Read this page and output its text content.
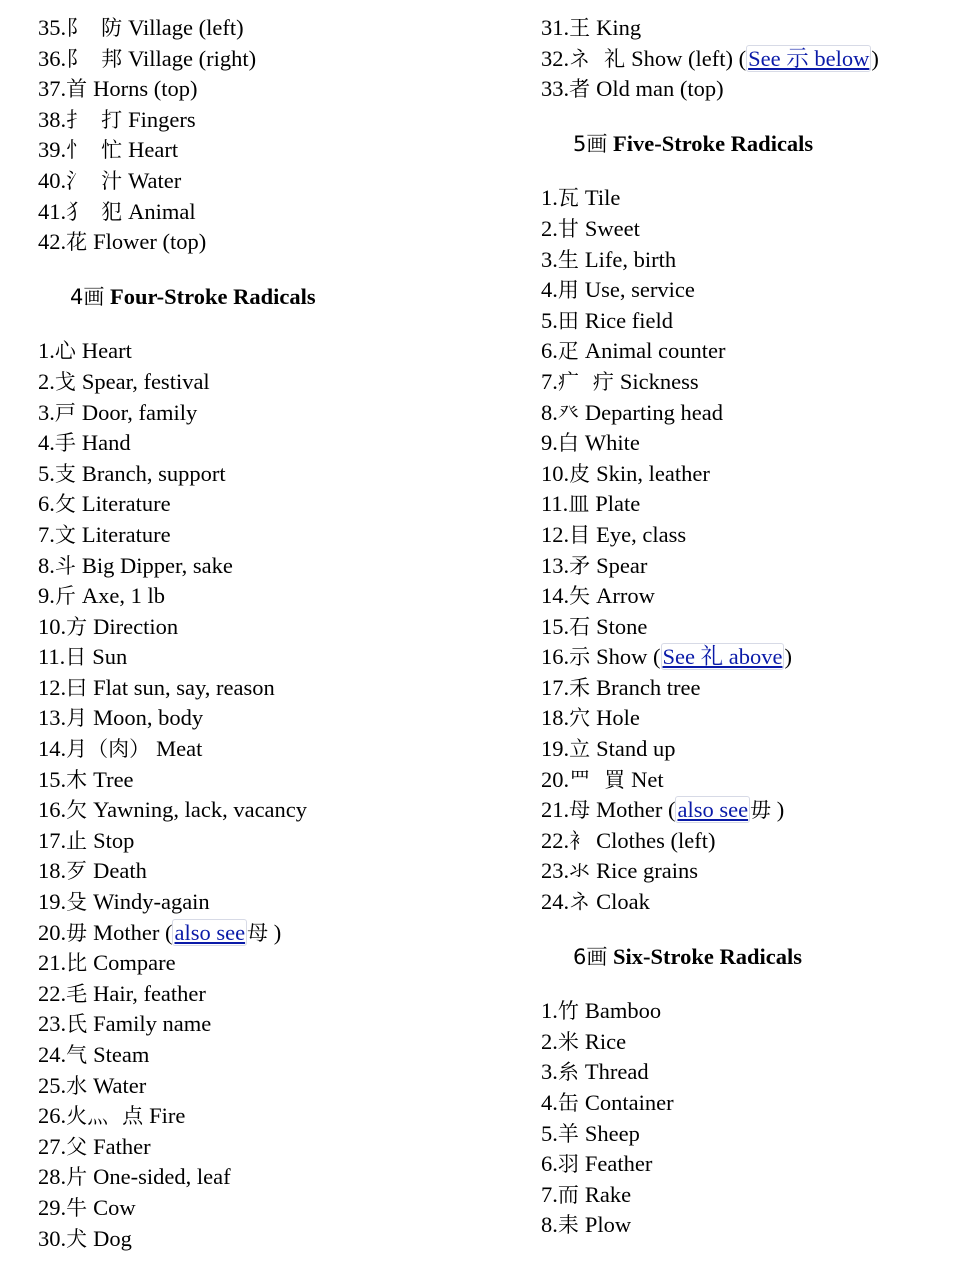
35.阝 防 Village (left)
36.阝 邦 Village (right)
37.首 Horns (top)
38.扌 打 Fingers
39.忄 忙 Heart
40.氵 汁 Water
41.犭 犯 Animal
42.花 Flower (top)
4画 Four-Stroke Radicals
1.心 Heart
2.戈 Spear, festival
3.戸 Door, family
4.手 Hand
5.支 Branch, support
6.攵 Literature
7.文 Literature
8.斗 Big Dipper, sake
9.斤 Axe, 1 lb
10.方 Direction
11.日 Sun
12.曰 Flat sun, say, reason
13.月 Moon, body
14.月（肉） Meat
15.木 Tree
16.欠 Yawning, lack, vacancy
17.止 Stop
18.歹 Death
19.殳 Windy-again
20.毋 Mother (also see母 )
21.比 Compare
22.毛 Hair, feather
23.氏 Family name
24.气 Steam
25.水 Water
26.火灬 点 Fire
27.父 Father
28.片 One-sided, leaf
29.牛 Cow
30.犬 Dog
31.王 King
32.ネ 礼 Show (left) (See 示 below)
33.者 Old man (top)
5画 Five-Stroke Radicals
1.瓦 Tile
2.甘 Sweet
3.生 Life, birth
4.用 Use, service
5.田 Rice field
6.疋 Animal counter
7.疒 疔 Sickness
8.癶 Departing head
9.白 White
10.皮 Skin, leather
11.皿 Plate
12.目 Eye, class
13.矛 Spear
14.矢 Arrow
15.石 Stone
16.示 Show (See 礼 above)
17.禾 Branch tree
18.穴 Hole
19.立 Stand up
20.罒 買 Net
21.母 Mother (also see毋 )
22.衤 Clothes (left)
23.氺 Rice grains
24.ネ Cloak
6画 Six-Stroke Radicals
1.竹 Bamboo
2.米 Rice
3.糸 Thread
4.缶 Container
5.羊 Sheep
6.羽 Feather
7.而 Rake
8.耒 Plow
